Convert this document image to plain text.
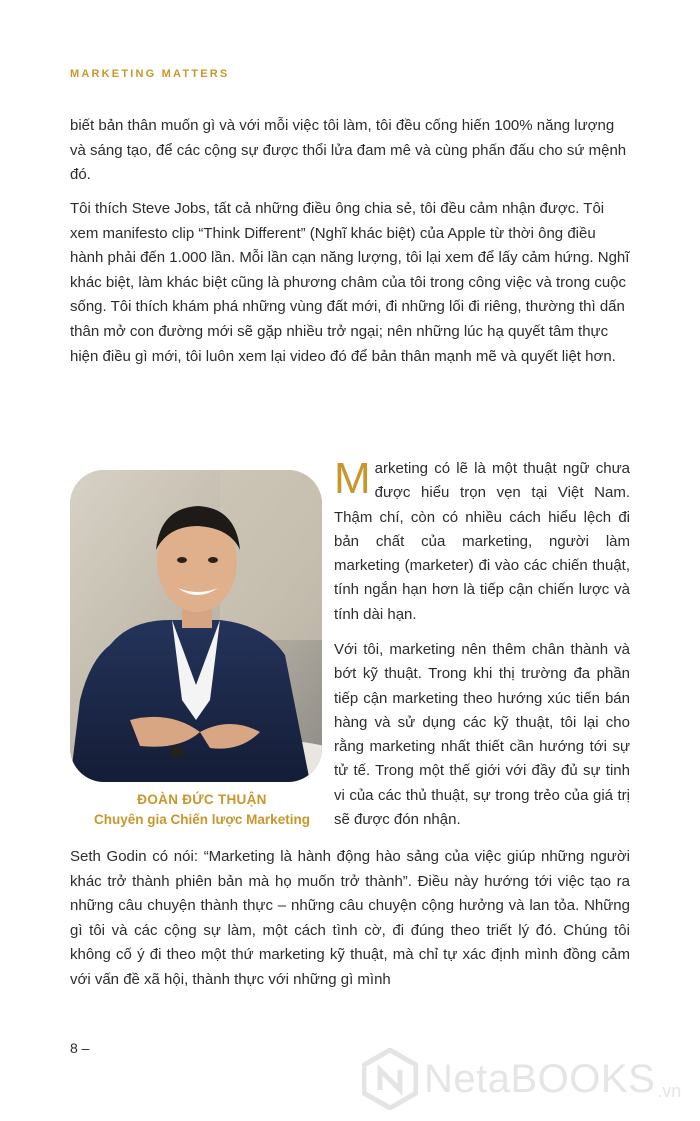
MARKETING MATTERS

biết bản thân muốn gì và với mỗi việc tôi làm, tôi đều cống hiến 100% năng lượng và sáng tạo, để các cộng sự được thổi lửa đam mê và cùng phấn đấu cho sứ mệnh đó.

Tôi thích Steve Jobs, tất cả những điều ông chia sẻ, tôi đều cảm nhận được. Tôi xem manifesto clip “Think Different” (Nghĩ khác biệt) của Apple từ thời ông điều hành phải đến 1.000 lần. Mỗi lần cạn năng lượng, tôi lại xem để lấy cảm hứng. Nghĩ khác biệt, làm khác biệt cũng là phương châm của tôi trong công việc và trong cuộc sống. Tôi thích khám phá những vùng đất mới, đi những lối đi riêng, thường thì dấn thân mở con đường mới sẽ gặp nhiều trở ngại; nên những lúc hạ quyết tâm thực hiện điều gì mới, tôi luôn xem lại video đó để bản thân mạnh mẽ và quyết liệt hơn.

ĐOÀN ĐỨC THUẬN
Chuyên gia Chiến lược Marketing

Marketing có lẽ là một thuật ngữ chưa được hiểu trọn vẹn tại Việt Nam. Thậm chí, còn có nhiều cách hiểu lệch đi bản chất của marketing, người làm marketing (marketer) đi vào các chiến thuật, tính ngắn hạn hơn là tiếp cận chiến lược và tính dài hạn.

Với tôi, marketing nên thêm chân thành và bớt kỹ thuật. Trong khi thị trường đa phần tiếp cận marketing theo hướng xúc tiến bán hàng và sử dụng các kỹ thuật, tôi lại cho rằng marketing nhất thiết cần hướng tới sự tử tế. Trong một thế giới với đầy đủ sự tinh vi của các thủ thuật, sự trong trẻo của giá trị sẽ được đón nhận.

Seth Godin có nói: “Marketing là hành động hào sảng của việc giúp những người khác trở thành phiên bản mà họ muốn trở thành”. Điều này hướng tới việc tạo ra những câu chuyện thành thực – những câu chuyện cộng hưởng và lan tỏa. Những gì tôi và các cộng sự làm, một cách tình cờ, đi đúng theo triết lý đó. Chúng tôi không cố ý đi theo một thứ marketing kỹ thuật, mà chỉ tự xác định mình đồng cảm với vấn đề xã hội, thành thực với những gì mình

8 –
NetaBOOKS .vn
